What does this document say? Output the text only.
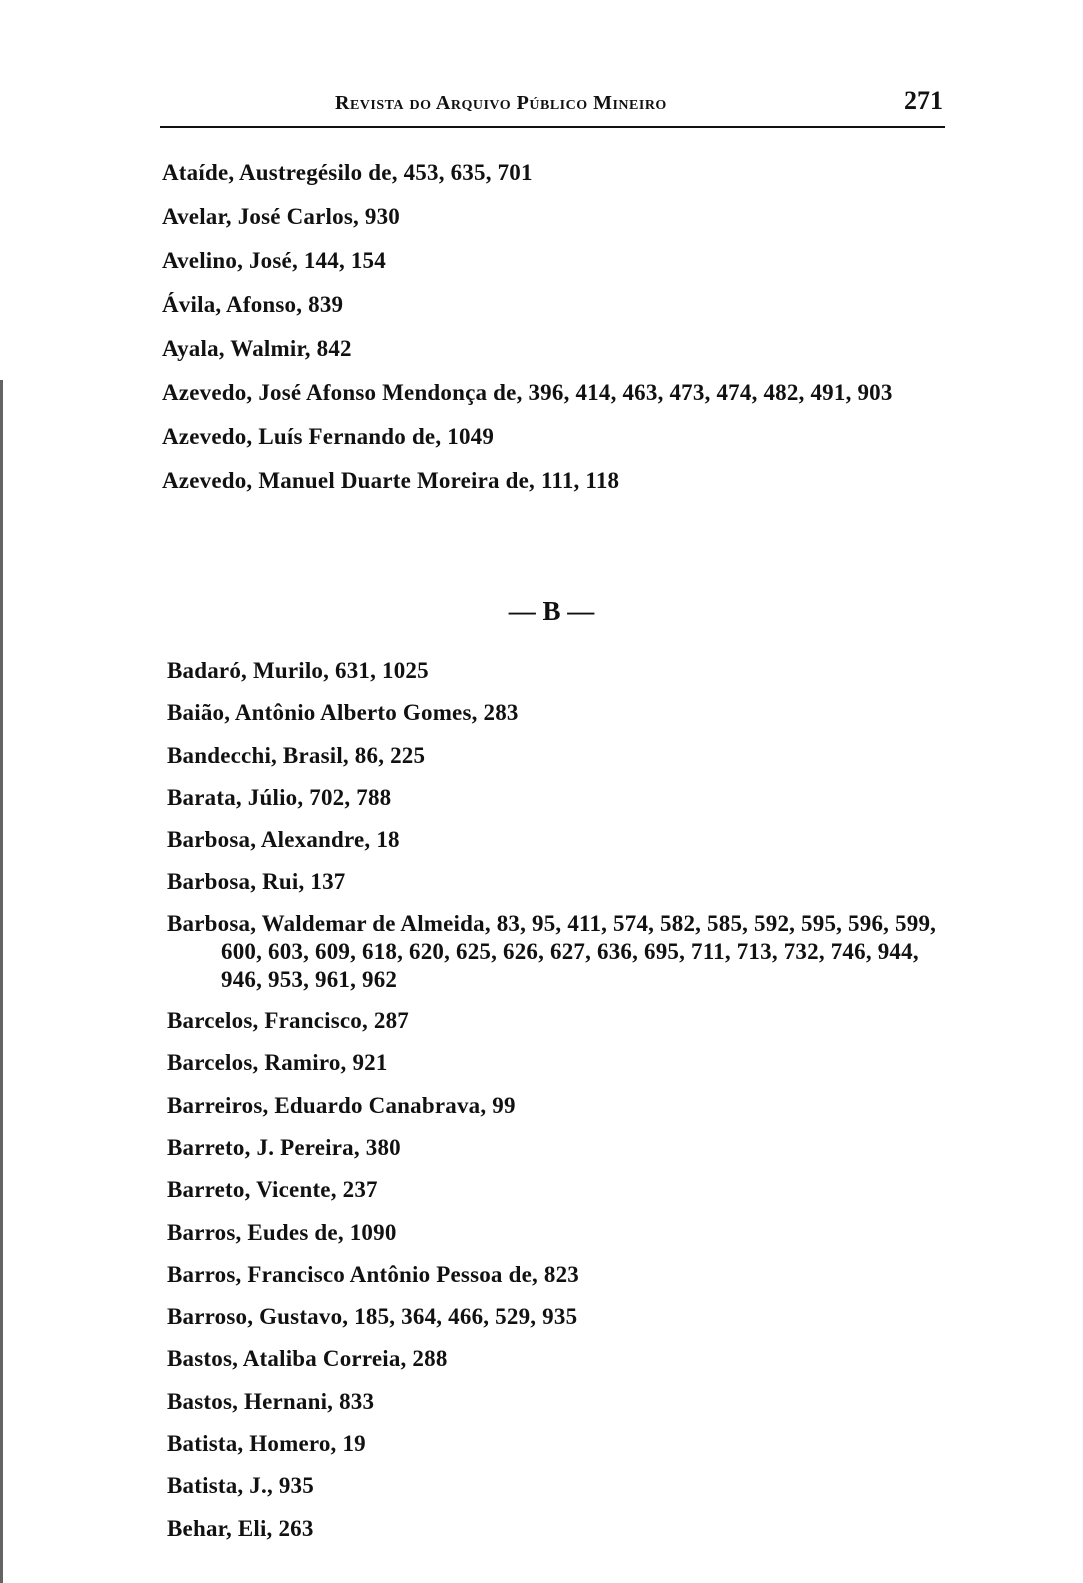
Revista do Arquivo Público Mineiro	271
Ataíde, Austregésilo de, 453, 635, 701
Avelar, José Carlos, 930
Avelino, José, 144, 154
Ávila, Afonso, 839
Ayala, Walmir, 842
Azevedo, José Afonso Mendonça de, 396, 414, 463, 473, 474, 482, 491, 903
Azevedo, Luís Fernando de, 1049
Azevedo, Manuel Duarte Moreira de, 111, 118
— B —
Badaró, Murilo, 631, 1025
Baião, Antônio Alberto Gomes, 283
Bandecchi, Brasil, 86, 225
Barata, Júlio, 702, 788
Barbosa, Alexandre, 18
Barbosa, Rui, 137
Barbosa, Waldemar de Almeida, 83, 95, 411, 574, 582, 585, 592, 595, 596, 599, 600, 603, 609, 618, 620, 625, 626, 627, 636, 695, 711, 713, 732, 746, 944, 946, 953, 961, 962
Barcelos, Francisco, 287
Barcelos, Ramiro, 921
Barreiros, Eduardo Canabrava, 99
Barreto, J. Pereira, 380
Barreto, Vicente, 237
Barros, Eudes de, 1090
Barros, Francisco Antônio Pessoa de, 823
Barroso, Gustavo, 185, 364, 466, 529, 935
Bastos, Ataliba Correia, 288
Bastos, Hernani, 833
Batista, Homero, 19
Batista, J., 935
Behar, Eli, 263
